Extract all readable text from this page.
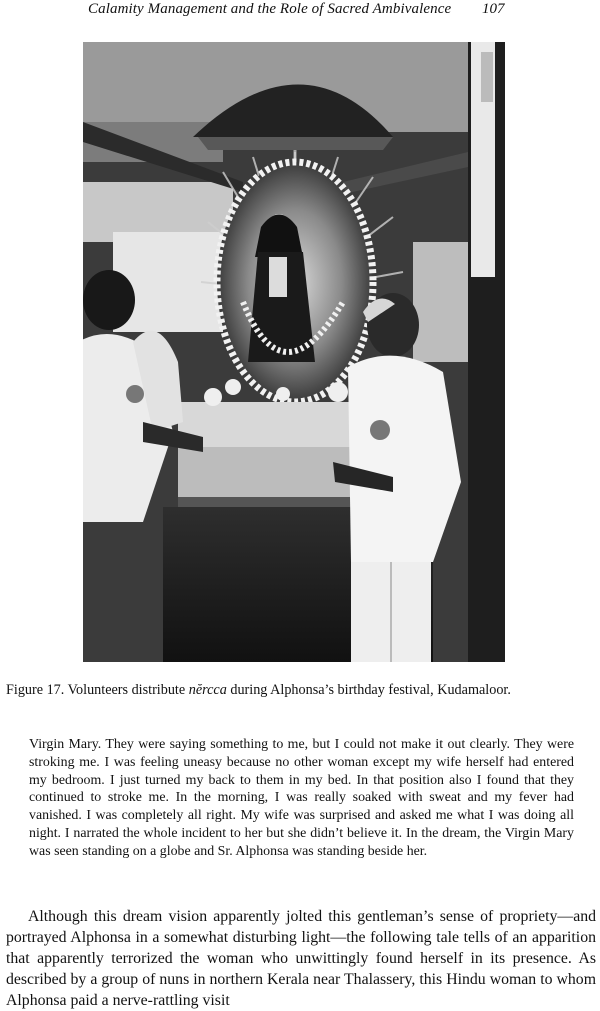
Calamity Management and the Role of Sacred Ambivalence 107
Figure 17. Volunteers distribute nĕrcca during Alphonsa’s birthday festival, Kudamaloor.

Virgin Mary. They were saying something to me, but I could not make it out clearly. They were stroking me. I was feeling uneasy because no other woman except my wife herself had entered my bedroom. I just turned my back to them in my bed. In that position also I found that they continued to stroke me. In the morning, I was really soaked with sweat and my fever had vanished. I was completely all right. My wife was surprised and asked me what I was doing all night. I narrated the whole incident to her but she didn’t believe it. In the dream, the Virgin Mary was seen standing on a globe and Sr. Alphonsa was standing beside her.

Although this dream vision apparently jolted this gentleman’s sense of propriety—and portrayed Alphonsa in a somewhat disturbing light—the following tale tells of an apparition that apparently terrorized the woman who unwittingly found herself in its presence. As described by a group of nuns in northern Kerala near Thalassery, this Hindu woman to whom Alphonsa paid a nerve-rattling visit
